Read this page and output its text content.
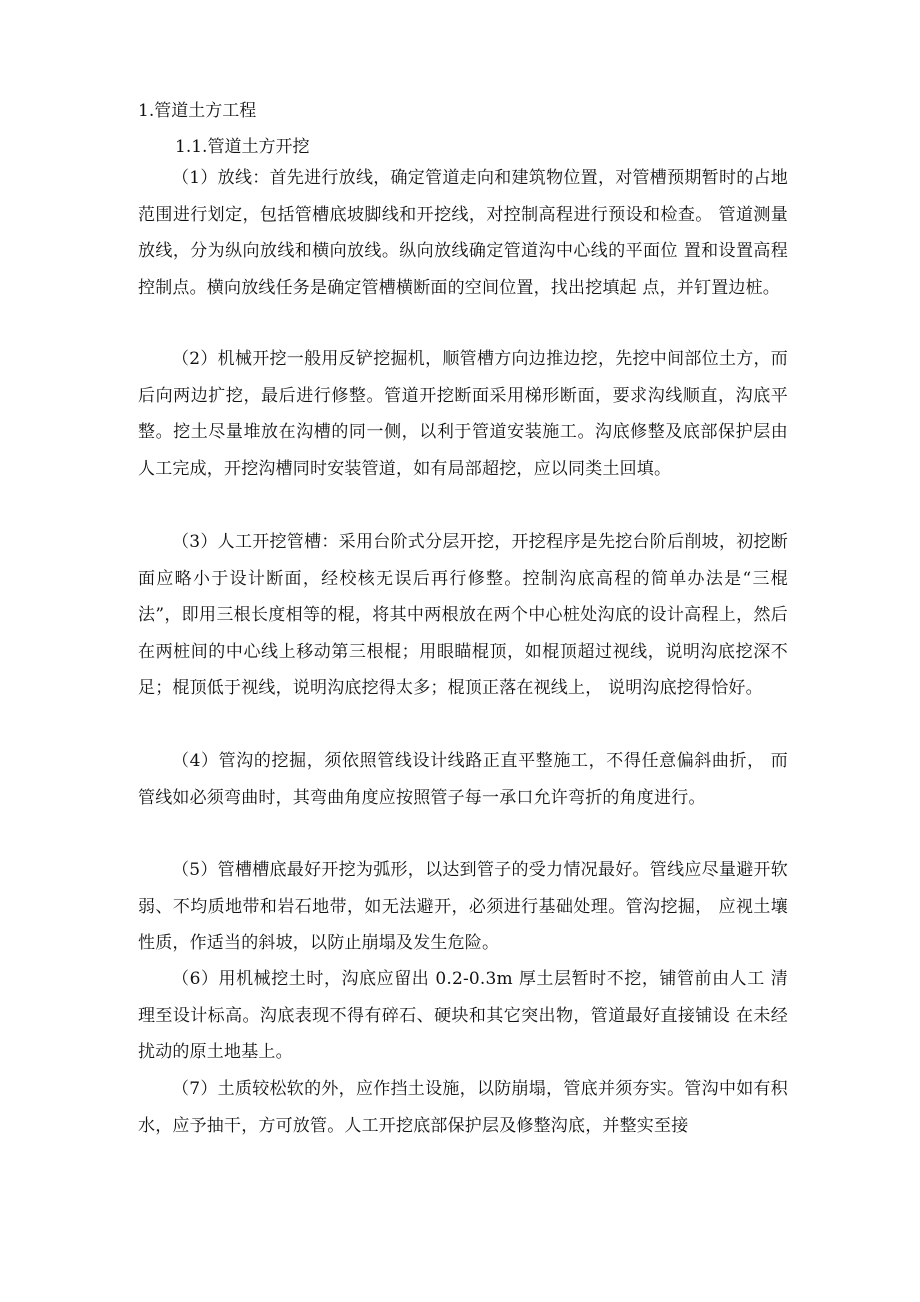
1.管道土方工程
1.1.管道土方开挖

（1）放线：首先进行放线，确定管道走向和建筑物位置，对管槽预期暂时的占地范围进行划定，包括管槽底坡脚线和开挖线，对控制高程进行预设和检查。 管道测量放线，分为纵向放线和横向放线。纵向放线确定管道沟中心线的平面位 置和设置高程控制点。横向放线任务是确定管槽横断面的空间位置，找出挖填起 点，并钉置边桩。

（2）机械开挖一般用反铲挖掘机，顺管槽方向边推边挖，先挖中间部位土方，而后向两边扩挖，最后进行修整。管道开挖断面采用梯形断面，要求沟线顺直，沟底平整。挖土尽量堆放在沟槽的同一侧，以利于管道安装施工。沟底修整及底部保护层由人工完成，开挖沟槽同时安装管道，如有局部超挖，应以同类土回填。

（3）人工开挖管槽：采用台阶式分层开挖，开挖程序是先挖台阶后削坡，初挖断面应略小于设计断面，经校核无误后再行修整。控制沟底高程的简单办法是“三棍法”，即用三根长度相等的棍，将其中两根放在两个中心桩处沟底的设计高程上，然后在两桩间的中心线上移动第三根棍；用眼瞄棍顶，如棍顶超过视线，说明沟底挖深不足；棍顶低于视线，说明沟底挖得太多；棍顶正落在视线上， 说明沟底挖得恰好。

（4）管沟的挖掘，须依照管线设计线路正直平整施工，不得任意偏斜曲折， 而管线如必须弯曲时，其弯曲角度应按照管子每一承口允许弯折的角度进行。

（5）管槽槽底最好开挖为弧形，以达到管子的受力情况最好。管线应尽量避开软弱、不均质地带和岩石地带，如无法避开，必须进行基础处理。管沟挖掘， 应视土壤性质，作适当的斜坡，以防止崩塌及发生危险。

（6）用机械挖土时，沟底应留出 0.2-0.3m 厚土层暂时不挖，铺管前由人工 清理至设计标高。沟底表现不得有碎石、硬块和其它突出物，管道最好直接铺设 在未经扰动的原土地基上。

（7）土质较松软的外，应作挡土设施，以防崩塌，管底并须夯实。管沟中如有积水，应予抽干，方可放管。人工开挖底部保护层及修整沟底，并整实至接
